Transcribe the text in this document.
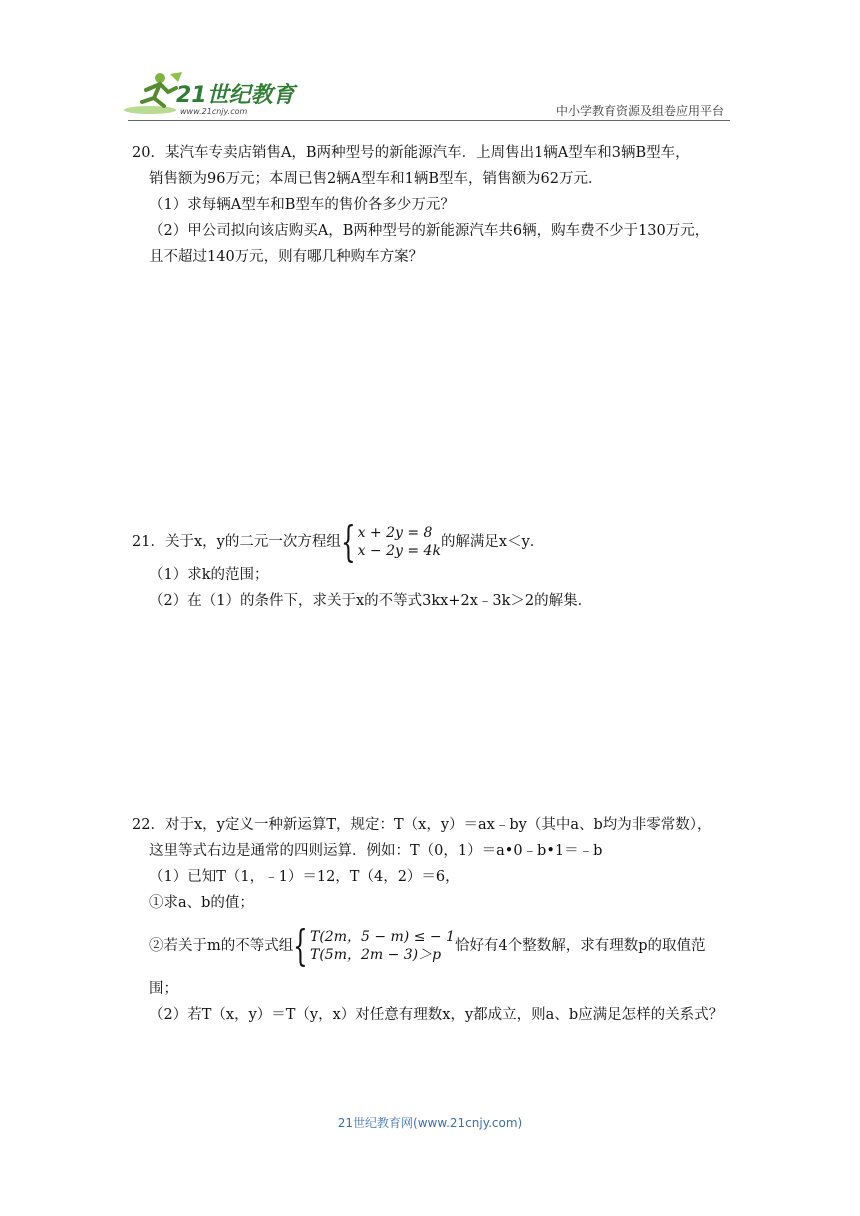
21世纪教育
www.21cnjy.com	中小学教育资源及组卷应用平台

20．某汽车专卖店销售A，B两种型号的新能源汽车．上周售出1辆A型车和3辆B型车，

销售额为96万元；本周已售2辆A型车和1辆B型车，销售额为62万元．

（1）求每辆A型车和B型车的售价各多少万元？

（2）甲公司拟向该店购买A，B两种型号的新能源汽车共6辆，购车费不少于130万元，

且不超过140万元，则有哪几种购车方案？

21．关于x，y的二元一次方程组 { x + 2y = 8
x − 2y = 4k
的解满足x＜y．

（1）求k的范围；

（2）在（1）的条件下，求关于x的不等式3kx+2x﹣3k＞2的解集．

22．对于x，y定义一种新运算T，规定：T（x，y）＝ax﹣by（其中a、b均为非零常数），

这里等式右边是通常的四则运算．例如：T（0，1）＝a•0﹣b•1＝﹣b

（1）已知T（1，﹣1）＝12，T（4，2）＝6，

①求a、b的值；

②若关于m的不等式组 { T(2m，5 − m) ≤ − 1
T(5m，2m − 3)＞p
恰好有4个整数解，求有理数p的取值范

围；

（2）若T（x，y）＝T（y，x）对任意有理数x，y都成立，则a、b应满足怎样的关系式？

21世纪教育网(www.21cnjy.com)
